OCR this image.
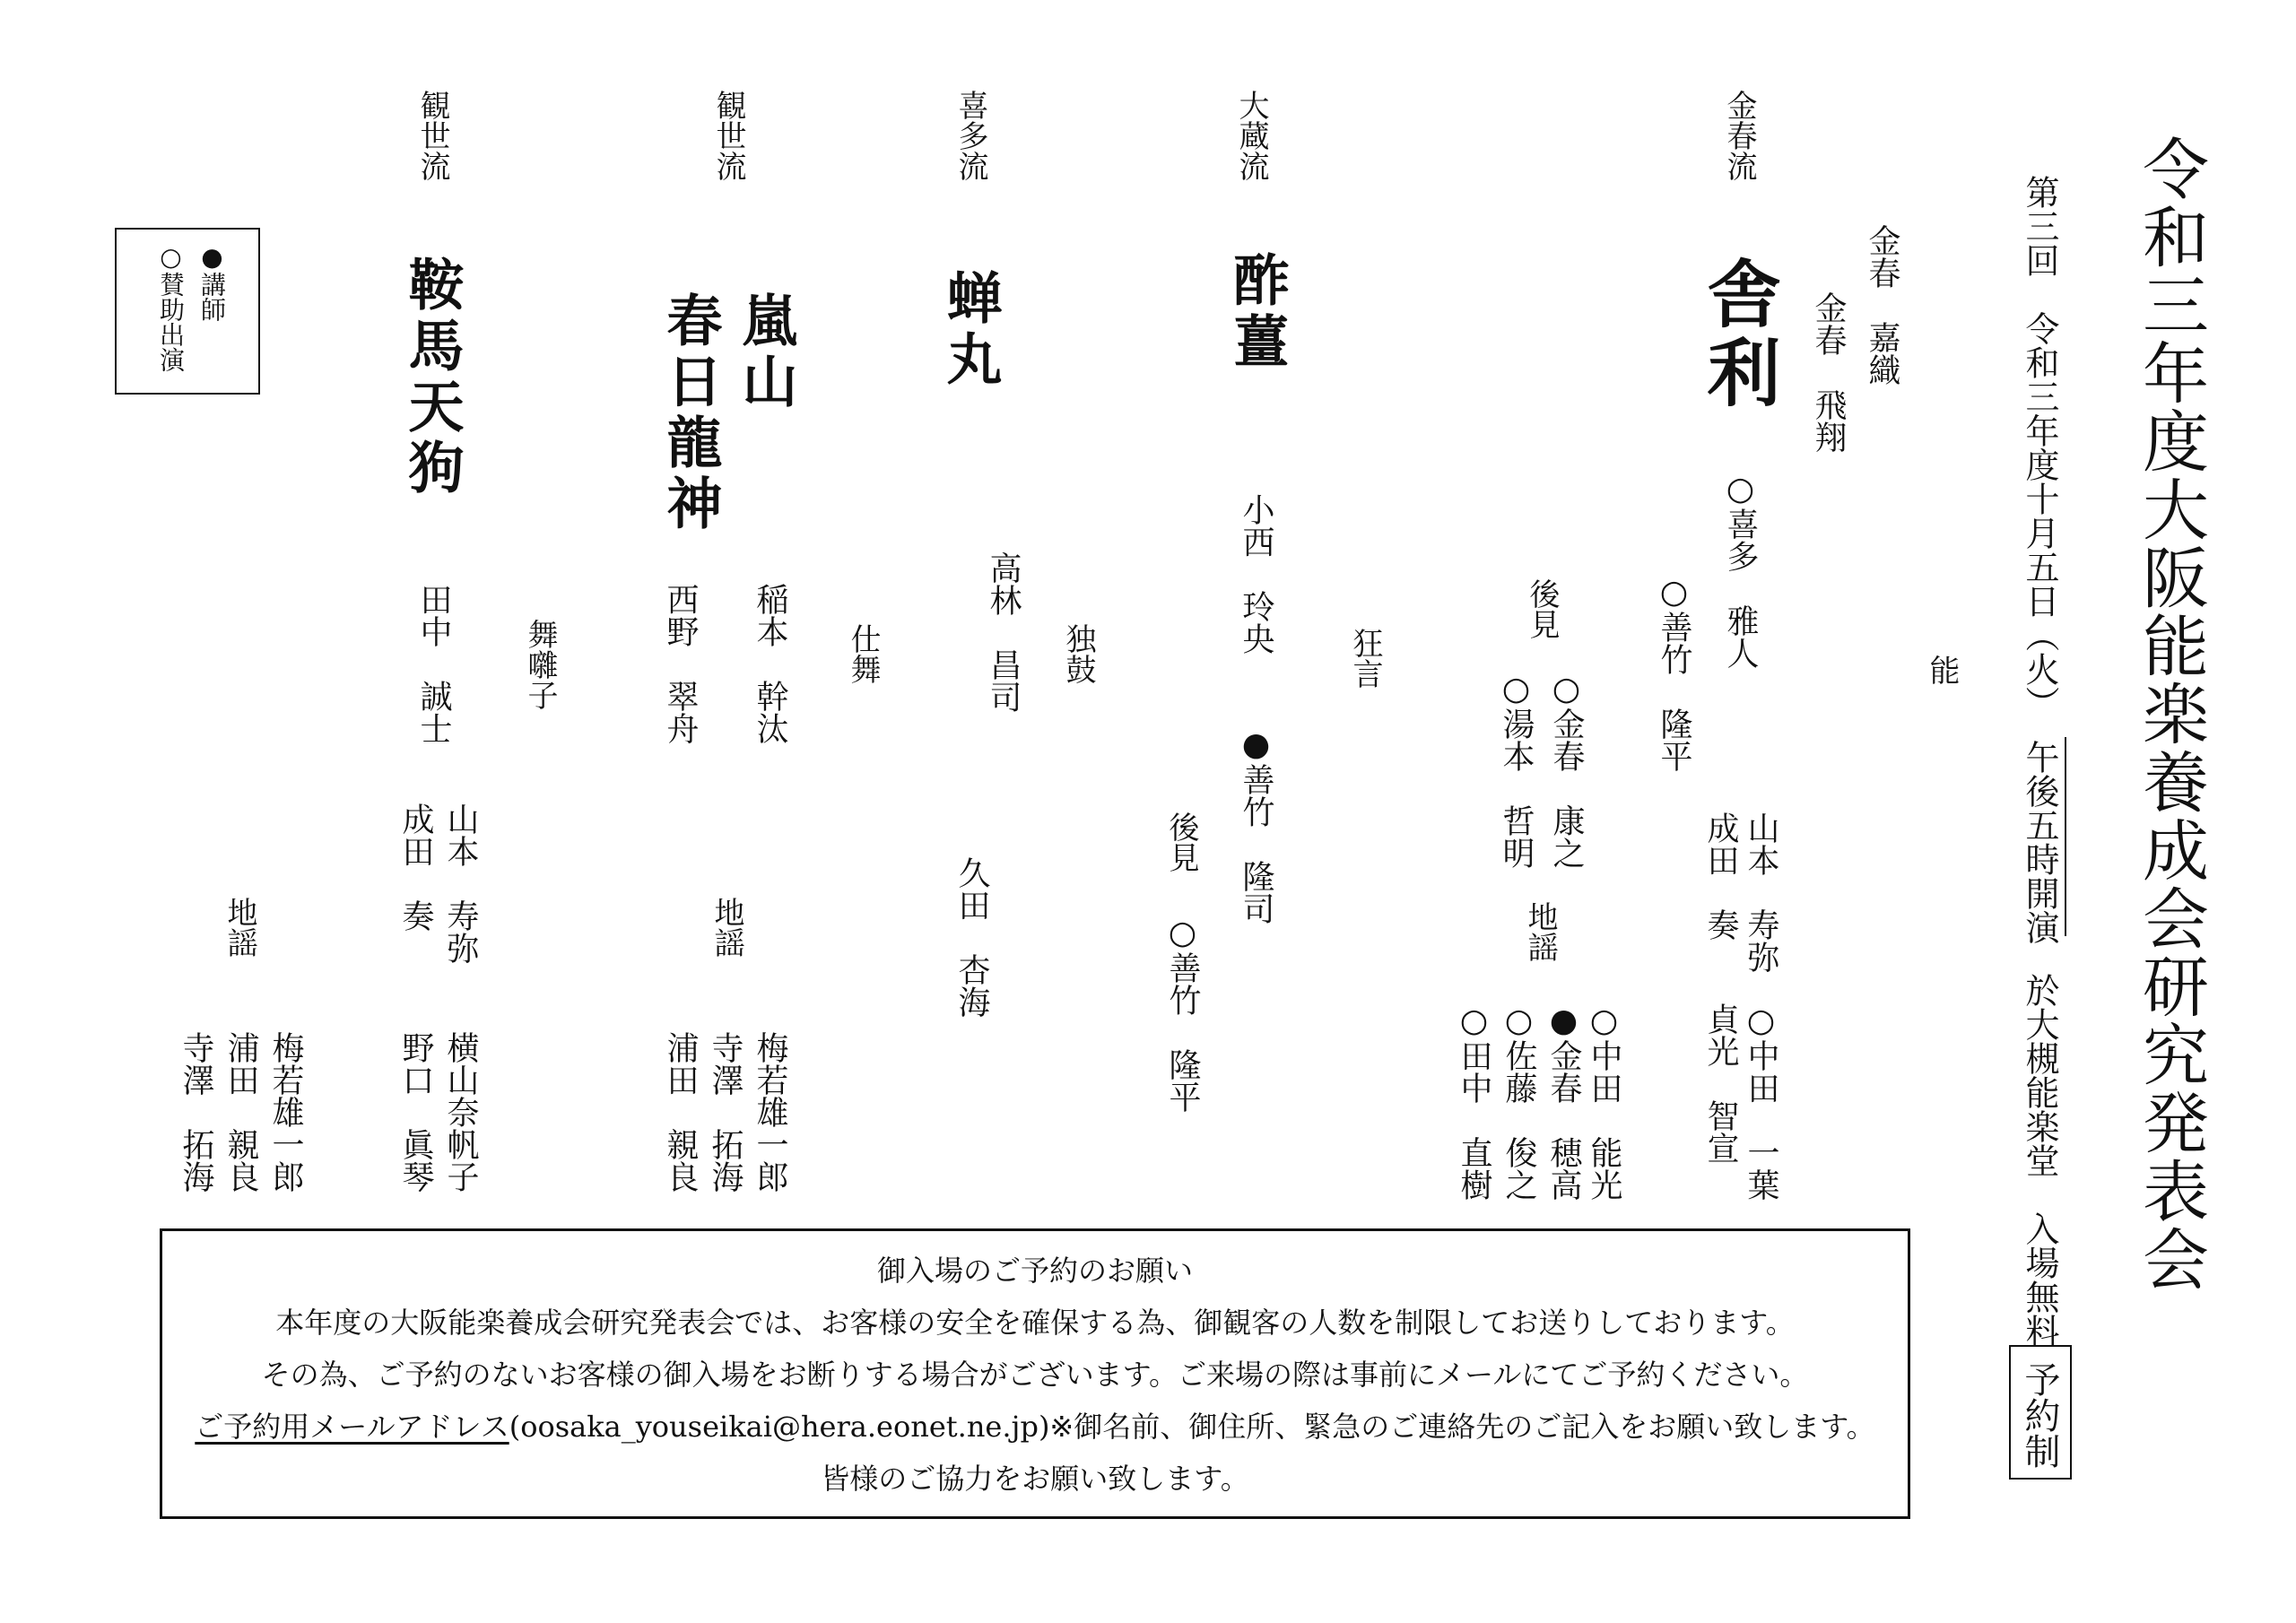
令和三年度大阪能楽養成会研究発表会
第三回　令和三年度十月五日（火）
午後五時開演
於大槻能楽堂　入場無料
予約制
●講師
○賛助出演
能
金春流
舎利	金春　嘉織
金春　飛翔
○喜多　雅人
○善竹　隆平
山本　寿弥
成田　奏
後見
○金春　康之
○湯本　哲明
地謡
○中田　一葉
貞光　智宣
○中田　能光
●金春　穂高
○佐藤　俊之
○田中　直樹
狂言
大蔵流
酢薑
小西　玲央
●善竹　隆司
後見
○善竹　隆平
独鼓
喜多流
蝉丸
高林　昌司
久田　杏海
仕舞
観世流
嵐山
春日龍神
稲本　幹汰
西野　翠舟
地謡
梅若雄一郎
寺澤　拓海
浦田　親良
舞囃子
観世流
鞍馬天狗
田中　誠士
山本　寿弥
成田　奏
横山奈帆子
野口　眞琴
地謡
梅若雄一郎
浦田　親良
寺澤　拓海

御入場のご予約のお願い

本年度の大阪能楽養成会研究発表会では、お客様の安全を確保する為、御観客の人数を制限してお送りしております。

その為、ご予約のないお客様の御入場をお断りする場合がございます。ご来場の際は事前にメールにてご予約ください。

ご予約用メールアドレス(oosaka_youseikai@hera.eonet.ne.jp)※御名前、御住所、緊急のご連絡先のご記入をお願い致します。

皆様のご協力をお願い致します。
